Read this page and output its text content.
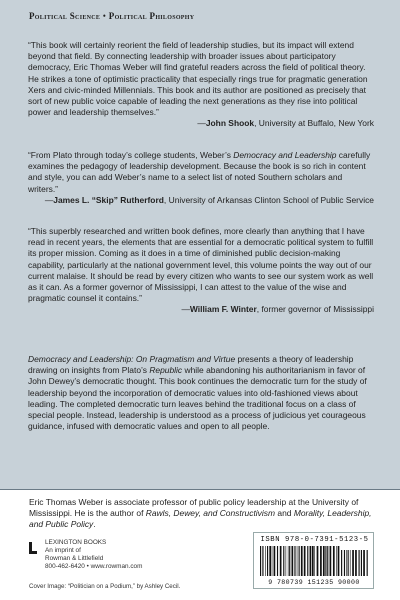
Political Science • Political Philosophy
“This book will certainly reorient the field of leadership studies, but its impact will extend beyond that field. By connecting leadership with broader issues about participatory democracy, Eric Thomas Weber will find grateful readers across the field of political theory. He strikes a tone of optimistic practicality that especially rings true for pragmatic generation Xers and civic-minded Millennials. This book and its author are positioned as precisely that sort of new public voice capable of leading the next generations as they rise into political power and leadership themselves.”
—John Shook, University at Buffalo, New York
“From Plato through today’s college students, Weber’s Democracy and Leadership carefully examines the pedagogy of leadership development. Because the book is so rich in content and style, you can add Weber’s name to a select list of noted Southern scholars and writers.”
—James L. “Skip” Rutherford, University of Arkansas Clinton School of Public Service
“This superbly researched and written book defines, more clearly than anything that I have read in recent years, the elements that are essential for a democratic political system to fulfill its proper mission. Coming as it does in a time of diminished public decision-making capability, particularly at the national government level, this volume points the way out of our current malaise. It should be read by every citizen who wants to see our system work as well as it can. As a former governor of Mississippi, I can attest to the value of the wise and pragmatic counsel it contains.”
—William F. Winter, former governor of Mississippi
Democracy and Leadership: On Pragmatism and Virtue presents a theory of leadership drawing on insights from Plato’s Republic while abandoning his authoritarianism in favor of John Dewey’s democratic thought. This book continues the democratic turn for the study of leadership beyond the incorporation of democratic values into old-fashioned views about leading. The completed democratic turn leaves behind the traditional focus on a class of special people. Instead, leadership is understood as a process of judicious yet courageous guidance, infused with democratic values and open to all people.
Eric Thomas Weber is associate professor of public policy leadership at the University of Mississippi. He is the author of Rawls, Dewey, and Constructivism and Morality, Leadership, and Public Policy.
LEXINGTON BOOKS
An imprint of
Rowman & Littlefield
800-462-6420 • www.rowman.com
Cover Image: “Politician on a Podium,” by Ashley Cecil.
ISBN 978-0-7391-5123-5
9 780739 151235 90000
